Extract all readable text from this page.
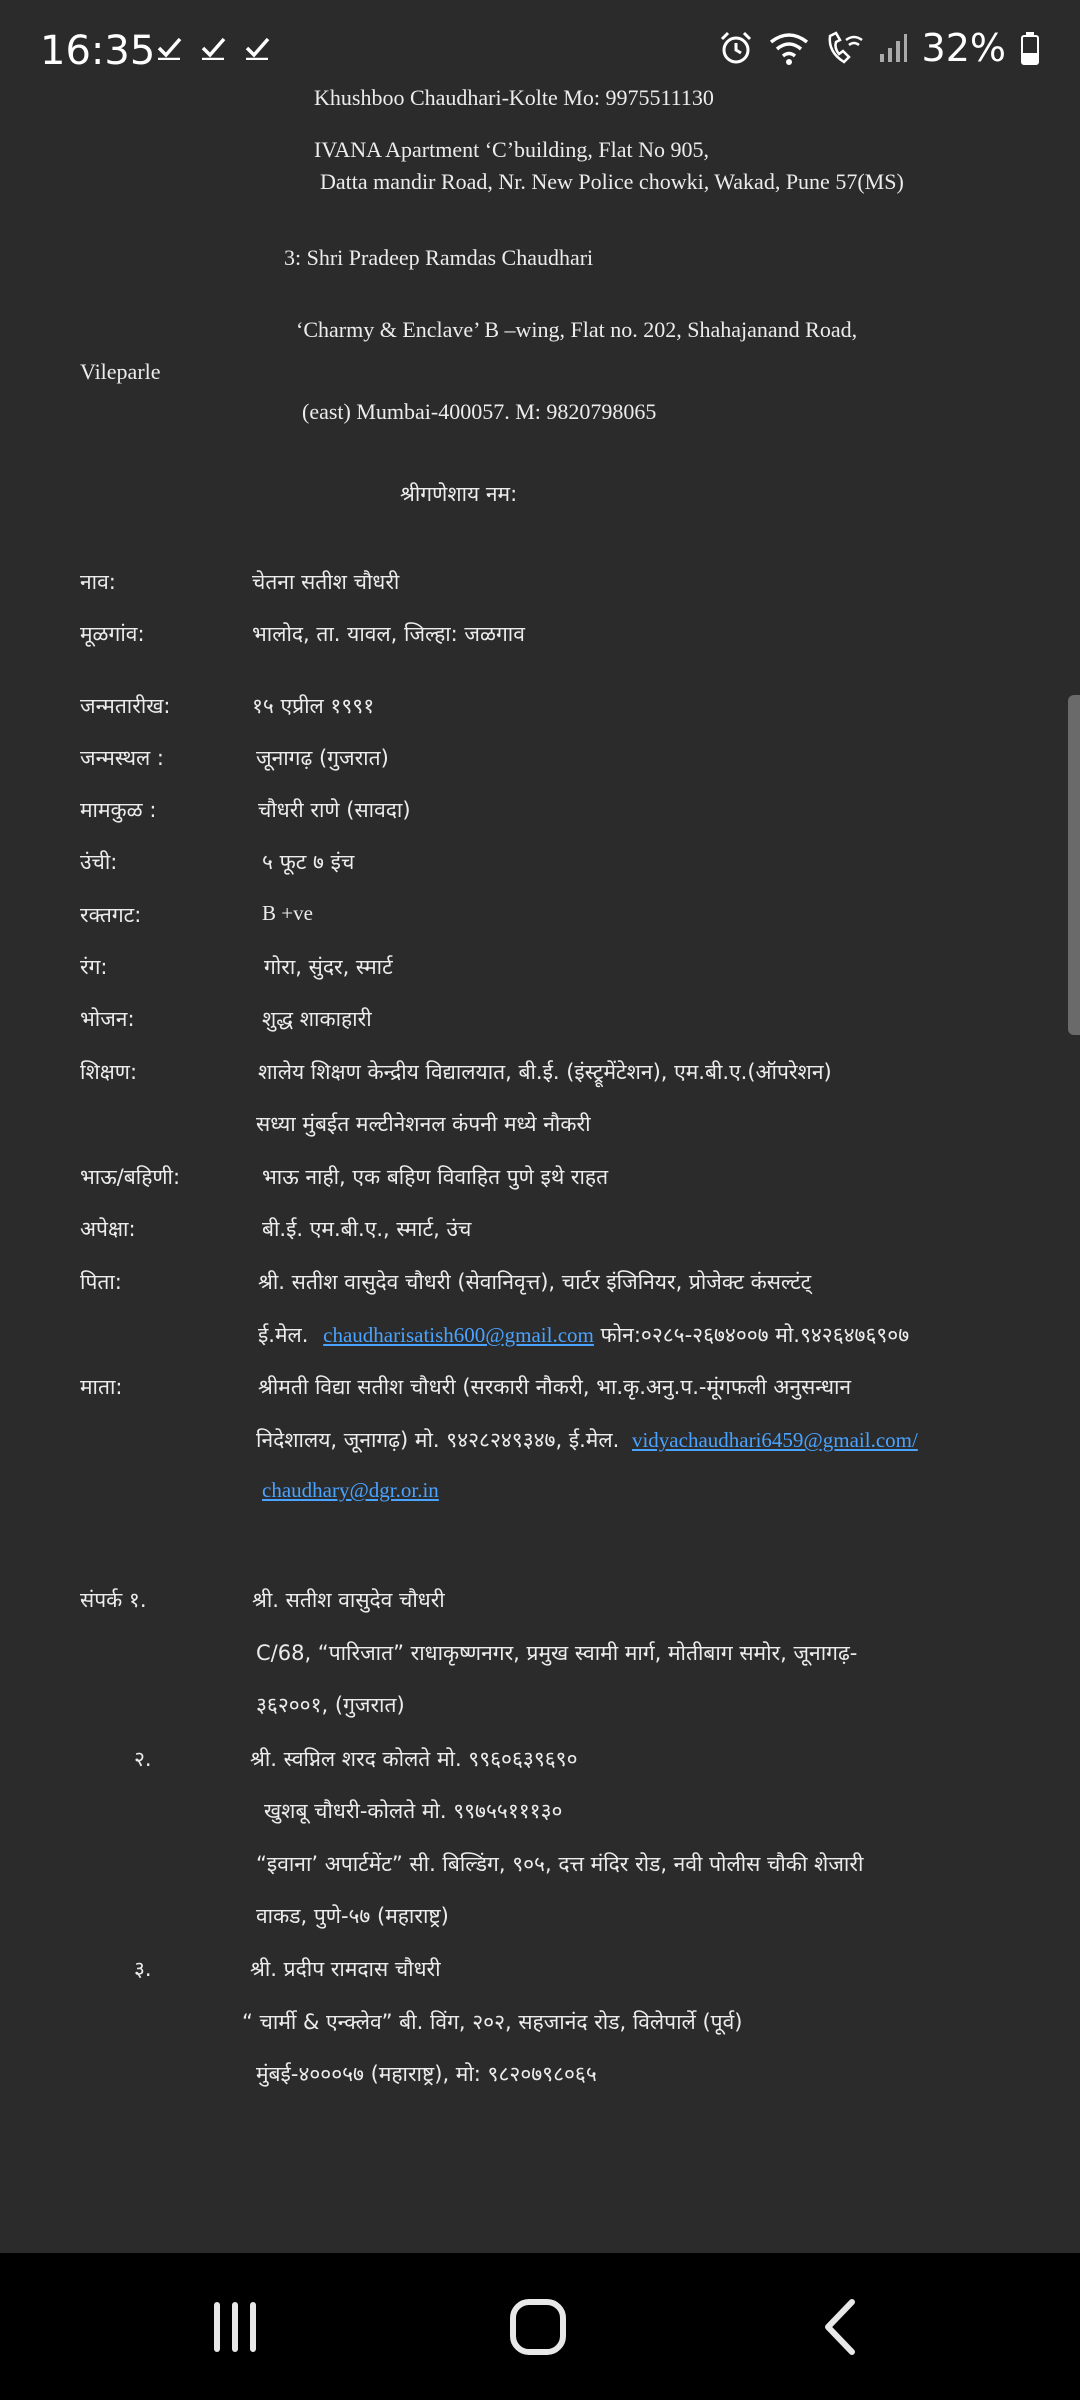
16:35	32%
Khushboo Chaudhari-Kolte Mo: 9975511130
IVANA Apartment ‘C’building, Flat No 905,
Datta mandir Road, Nr. New Police chowki, Wakad, Pune 57(MS)
3: Shri Pradeep Ramdas Chaudhari
‘Charmy & Enclave’ B –wing, Flat no. 202, Shahajanand Road,
Vileparle
(east) Mumbai-400057. M: 9820798065
श्रीगणेशाय नम:
नाव:	चेतना सतीश चौधरी
मूळगांव:	भालोद, ता. यावल, जिल्हा: जळगाव
जन्मतारीख:	१५ एप्रील १९९१
जन्मस्थल :	जूनागढ़ (गुजरात)
मामकुळ :	चौधरी राणे (सावदा)
उंची:	५ फूट ७ इंच
रक्तगट:	B +ve
रंग:	गोरा, सुंदर, स्मार्ट
भोजन:	शुद्ध शाकाहारी
शिक्षण:	शालेय शिक्षण केन्द्रीय विद्यालयात, बी.ई. (इंस्ट्रूमेंटेशन), एम.बी.ए.(ऑपरेशन)
सध्या मुंबईत मल्टीनेशनल कंपनी मध्ये नौकरी
भाऊ/बहिणी:	भाऊ नाही, एक बहिण विवाहित पुणे इथे राहत
अपेक्षा:	बी.ई. एम.बी.ए., स्मार्ट, उंच
पिता:	श्री. सतीश वासुदेव चौधरी (सेवानिवृत्त), चार्टर इंजिनियर, प्रोजेक्ट कंसल्टंट्
ई.मेल. chaudharisatish600@gmail.com फोन:०२८५-२६७४००७ मो.९४२६४७६९०७
माता:	श्रीमती विद्या सतीश चौधरी (सरकारी नौकरी, भा.कृ.अनु.प.-मूंगफली अनुसन्धान
निदेशालय, जूनागढ़) मो. ९४२८२४९३४७, ई.मेल. vidyachaudhari6459@gmail.com/
chaudhary@dgr.or.in
संपर्क १.	श्री. सतीश वासुदेव चौधरी
C/68, “पारिजात” राधाकृष्णनगर, प्रमुख स्वामी मार्ग, मोतीबाग समोर, जूनागढ़-
३६२००१, (गुजरात)
२.	श्री. स्वप्निल शरद कोलते मो. ९९६०६३९६९०
खुशबू चौधरी-कोलते मो. ९९७५५१११३०
“इवाना’ अपार्टमेंट” सी. बिल्डिंग, ९०५, दत्त मंदिर रोड, नवी पोलीस चौकी शेजारी
वाकड, पुणे-५७ (महाराष्ट्र)
३.	श्री. प्रदीप रामदास चौधरी
“ चार्मी & एन्क्लेव” बी. विंग, २०२, सहजानंद रोड, विलेपार्ले (पूर्व)
मुंबई-४०००५७ (महाराष्ट्र), मो: ९८२०७९८०६५
